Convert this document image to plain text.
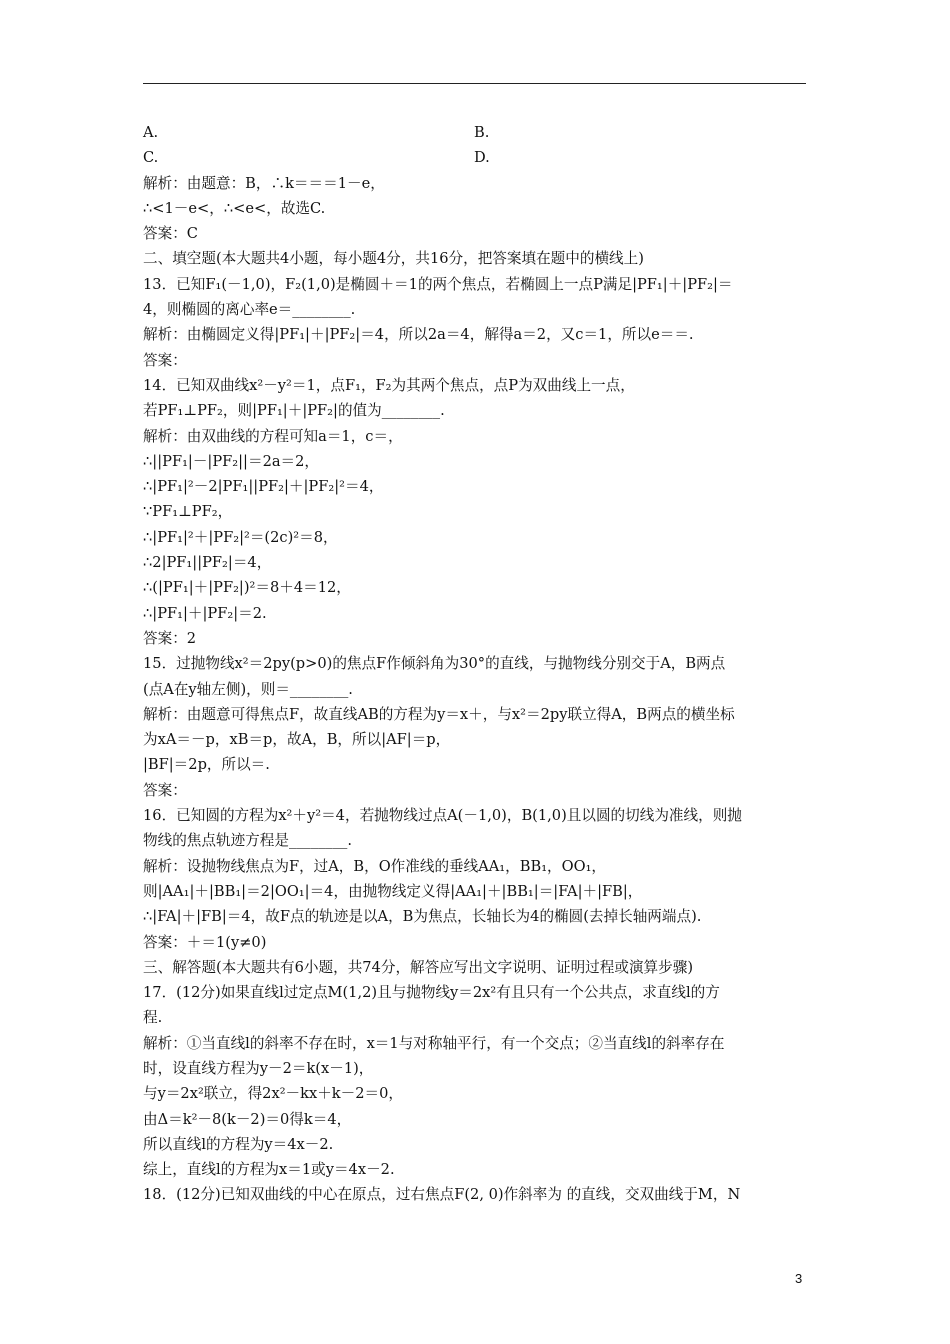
A.	B.
C.	D.
解析：由题意：B，∴k＝＝＝1－e，
∴<1－e<，∴<e<，故选C.
答案：C
二、填空题(本大题共4小题，每小题4分，共16分，把答案填在题中的横线上)
13．已知F₁(－1,0)，F₂(1,0)是椭圆＋＝1的两个焦点，若椭圆上一点P满足|PF₁|＋|PF₂|＝
4，则椭圆的离心率e＝________.
解析：由椭圆定义得|PF₁|＋|PF₂|＝4，所以2a＝4，解得a＝2，又c＝1，所以e＝＝.
答案：
14．已知双曲线x²－y²＝1，点F₁，F₂为其两个焦点，点P为双曲线上一点，
若PF₁⊥PF₂，则|PF₁|＋|PF₂|的值为________.
解析：由双曲线的方程可知a＝1，c＝，
∴||PF₁|－|PF₂||＝2a＝2，
∴|PF₁|²－2|PF₁||PF₂|＋|PF₂|²＝4，
∵PF₁⊥PF₂，
∴|PF₁|²＋|PF₂|²＝(2c)²＝8，
∴2|PF₁||PF₂|＝4，
∴(|PF₁|＋|PF₂|)²＝8＋4＝12，
∴|PF₁|＋|PF₂|＝2.
答案：2
15．过抛物线x²＝2py(p>0)的焦点F作倾斜角为30°的直线，与抛物线分别交于A，B两点
(点A在y轴左侧)，则＝________.
解析：由题意可得焦点F，故直线AB的方程为y＝x＋，与x²＝2py联立得A，B两点的横坐标
为xA＝－p，xB＝p，故A，B，所以|AF|＝p，
|BF|＝2p，所以＝.
答案：
16．已知圆的方程为x²＋y²＝4，若抛物线过点A(－1,0)，B(1,0)且以圆的切线为准线，则抛
物线的焦点轨迹方程是________.
解析：设抛物线焦点为F，过A，B，O作准线的垂线AA₁，BB₁，OO₁，
则|AA₁|＋|BB₁|＝2|OO₁|＝4，由抛物线定义得|AA₁|＋|BB₁|＝|FA|＋|FB|，
∴|FA|＋|FB|＝4，故F点的轨迹是以A，B为焦点，长轴长为4的椭圆(去掉长轴两端点).
答案：＋＝1(y≠0)
三、解答题(本大题共有6小题，共74分，解答应写出文字说明、证明过程或演算步骤)
17．(12分)如果直线l过定点M(1,2)且与抛物线y＝2x²有且只有一个公共点，求直线l的方
程.
解析：①当直线l的斜率不存在时，x＝1与对称轴平行，有一个交点；②当直线l的斜率存在
时，设直线方程为y－2＝k(x－1)，
与y＝2x²联立，得2x²－kx＋k－2＝0，
由Δ＝k²－8(k－2)＝0得k＝4，
所以直线l的方程为y＝4x－2.
综上，直线l的方程为x＝1或y＝4x－2.
18．(12分)已知双曲线的中心在原点，过右焦点F(2, 0)作斜率为 的直线，交双曲线于M，N
3
